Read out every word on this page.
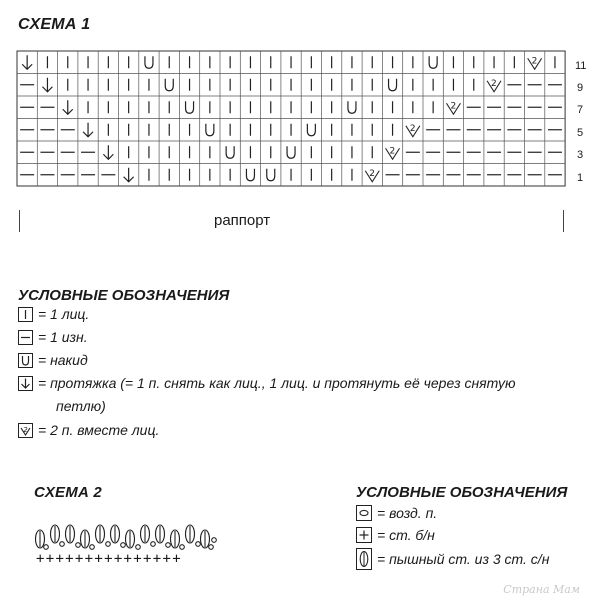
СХЕМА 1
2
2
2
2
2
2
11
9
7
5
3
1
раппорт
УСЛОВНЫЕ ОБОЗНАЧЕНИЯ
= 1 лиц.
= 1 изн.
= накид
= протяжка (= 1 п. снять как лиц., 1 лиц. и протянуть её через снятую
петлю)
2 = 2 п. вместе лиц.
СХЕМА 2
+++++++++++++++
УСЛОВНЫЕ ОБОЗНАЧЕНИЯ
= возд. п.
= ст. б/н
= пышный ст. из 3 ст. с/н
Страна Мам
